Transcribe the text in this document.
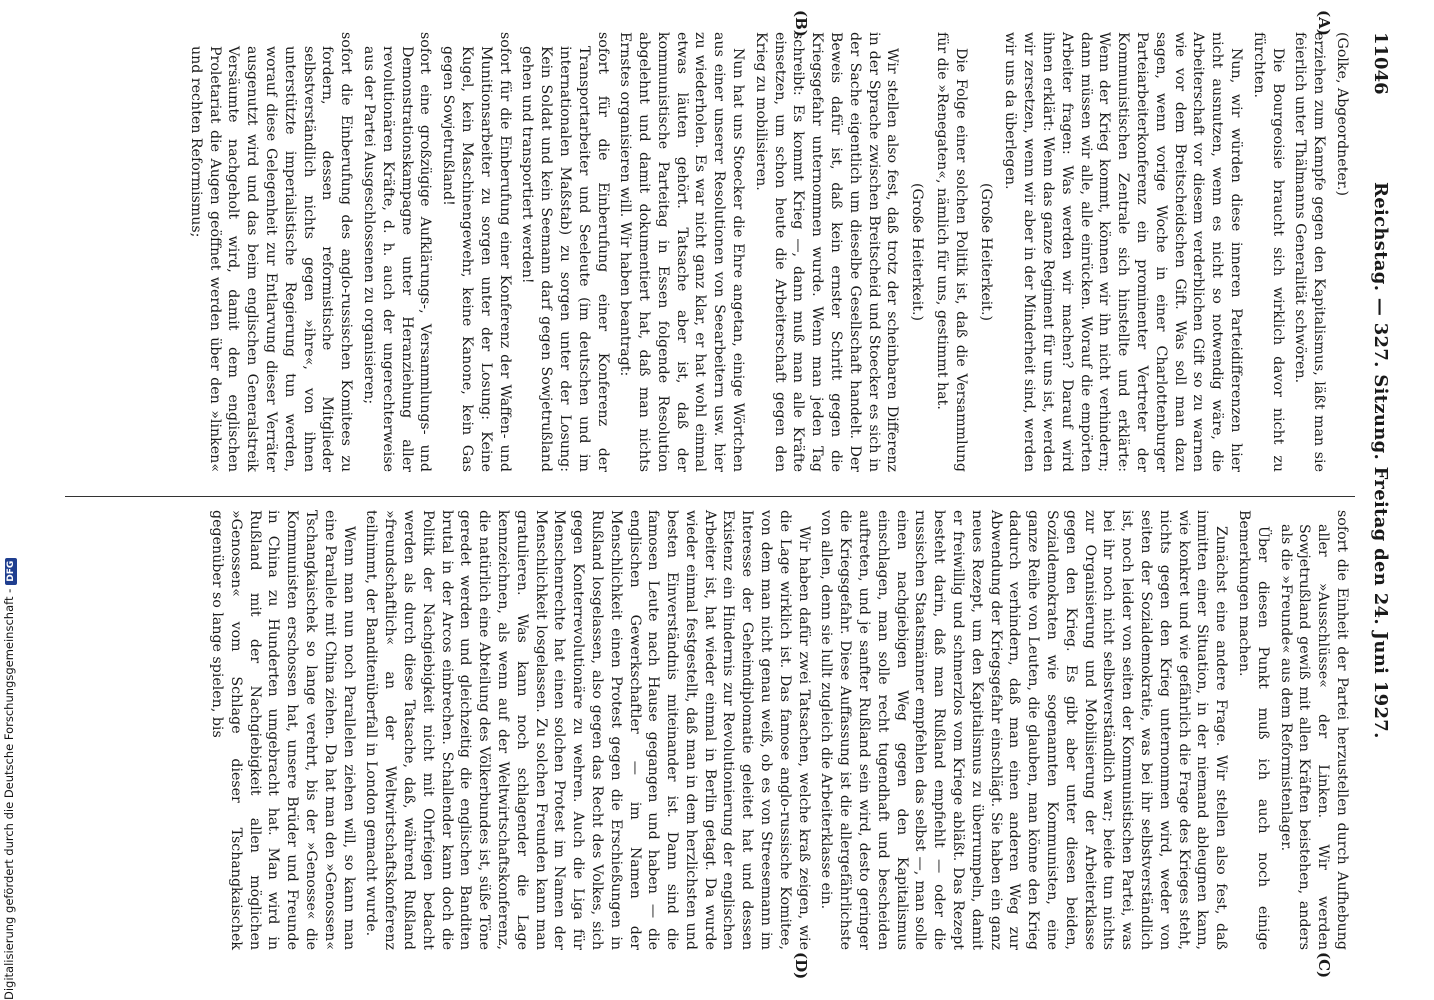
11046
Reichstag. — 327. Sitzung. Freitag den 24. Juni 1927.
(A)
(B)
(C)
(D)

(Golke, Abgeordneter.)

erziehen zum Kampfe gegen den Kapitalismus, läßt man sie feierlich unter Thälmanns Generalität schwören.

Die Bourgeoisie braucht sich wirklich davor nicht zu fürchten.

Nun, wir würden diese inneren Parteidifferenzen hier nicht ausnutzen, wenn es nicht so notwendig wäre, die Arbeiterschaft vor diesem verderblichen Gift so zu warnen wie vor dem Breitscheidschen Gift. Was soll man dazu sagen, wenn vorige Woche in einer Charlottenburger Parteiarbeiterkonferenz ein prominenter Vertreter der Kommunistischen Zentrale sich hinstellte und erklärte: Wenn der Krieg kommt, können wir ihn nicht verhindern; dann müssen wir alle, alle einrücken. Worauf die empörten Arbeiter fragen: Was werden wir machen? Darauf wird ihnen erklärt: Wenn das ganze Regiment für uns ist, werden wir zersetzen, wenn wir aber in der Minderheit sind, werden wir uns da überlegen.

(Große Heiterkeit.)

Die Folge einer solchen Politik ist, daß die Versammlung für die »Renegaten«, nämlich für uns, gestimmt hat.

(Große Heiterkeit.)

Wir stellen also fest, daß trotz der scheinbaren Differenz in der Sprache zwischen Breitscheid und Stoecker es sich in der Sache eigentlich um dieselbe Gesellschaft handelt. Der Beweis dafür ist, daß kein ernster Schritt gegen die Kriegsgefahr unternommen wurde. Wenn man jeden Tag schreibt: Es kommt Krieg —, dann muß man alle Kräfte einsetzen, um schon heute die Arbeiterschaft gegen den Krieg zu mobilisieren.

Nun hat uns Stoecker die Ehre angetan, einige Wörtchen aus einer unserer Resolutionen von Seearbeitern usw. hier zu wiederholen. Es war nicht ganz klar, er hat wohl einmal etwas läuten gehört. Tatsache aber ist, daß der kommunistische Parteitag in Essen folgende Resolution abgelehnt und damit dokumentiert hat, daß man nichts Ernstes organisieren will. Wir haben beantragt:

sofort für die Einberufung einer Konferenz der Transportarbeiter und Seeleute (im deutschen und im internationalen Maßstab) zu sorgen unter der Losung: Kein Soldat und kein Seemann darf gegen Sowjetrußland gehen und transportiert werden!

sofort für die Einberufung einer Konferenz der Waffen- und Munitionsarbeiter zu sorgen unter der Losung: Keine Kugel, kein Maschinengewehr, keine Kanone, kein Gas gegen Sowjetrußland!

sofort eine großzügige Aufklärungs-, Versammlungs- und Demonstrationskampagne unter Heranziehung aller revolutionären Kräfte, d. h. auch der ungerechterweise aus der Partei Ausgeschlossenen zu organisieren;

sofort die Einberufung des anglo-russischen Komitees zu fordern, dessen reformistische Mitglieder selbstverständlich nichts gegen »ihre«, von ihnen unterstützte imperialistische Regierung tun werden, worauf diese Gelegenheit zur Entlarvung dieser Verräter ausgenutzt wird und das beim englischen Generalstreik Versäumte nachgeholt wird, damit dem englischen Proletariat die Augen geöffnet werden über den »linken« und rechten Reformismus;

sofort die Einheit der Partei herzustellen durch Aufhebung aller »Ausschlüsse« der Linken. Wir werden Sowjetrußland gewiß mit allen Kräften beistehen, anders als die »Freunde« aus dem Reformistenlager.

Über diesen Punkt muß ich auch noch einige Bemerkungen machen.

Zunächst eine andere Frage. Wir stellen also fest, daß inmitten einer Situation, in der niemand ableugnen kann, wie konkret und wie gefährlich die Frage des Krieges steht, nichts gegen den Krieg unternommen wird, weder von seiten der Sozialdemokratie, was bei ihr selbstverständlich ist, noch leider von seiten der Kommunistischen Partei, was bei ihr noch nicht selbstverständlich war; beide tun nichts zur Organisierung und Mobilisierung der Arbeiterklasse gegen den Krieg. Es gibt aber unter diesen beiden, Sozialdemokraten wie sogenannten Kommunisten, eine ganze Reihe von Leuten, die glauben, man könne den Krieg dadurch verhindern, daß man einen anderen Weg zur Abwendung der Kriegsgefahr einschlägt. Sie haben ein ganz neues Rezept, um den Kapitalismus zu überrumpeln, damit er freiwillig und schmerzlos vom Kriege abläßt. Das Rezept besteht darin, daß man Rußland empfiehlt — oder die russischen Staatsmänner empfehlen das selbst —, man solle einen nachgiebigen Weg gegen den Kapitalismus einschlagen, man solle recht tugendhaft und bescheiden auftreten, und je sanfter Rußland sein wird, desto geringer die Kriegsgefahr. Diese Auffassung ist die allergefährlichste von allen, denn sie lullt zugleich die Arbeiterklasse ein.

Wir haben dafür zwei Tatsachen, welche kraß zeigen, wie die Lage wirklich ist. Das famose anglo-russische Komitee, von dem man nicht genau weiß, ob es von Streesemann im Interesse der Geheimdiplomatie geleitet hat und dessen Existenz ein Hindernis zur Revolutionierung der englischen Arbeiter ist, hat wieder einmal in Berlin getagt. Da wurde wieder einmal festgestellt, daß man in dem herzlichsten und besten Einverständnis miteinander ist. Dann sind die famosen Leute nach Hause gegangen und haben — die englischen Gewerkschaftler — im Namen der Menschlichkeit einen Protest gegen die Erschießungen in Rußland losgelassen, also gegen das Recht des Volkes, sich gegen Konterrevolutionäre zu wehren. Auch die Liga für Menschenrechte hat einen solchen Protest im Namen der Menschlichkeit losgelassen. Zu solchen Freunden kann man gratulieren. Was kann noch schlagender die Lage kennzeichnen, als wenn auf der Weltwirtschaftskonferenz, die natürlich eine Abteilung des Völkerbundes ist, süße Töne geredet werden und gleichzeitig die englischen Banditen brutal in der Arcos einbrechen. Schallender kann doch die Politik der Nachgiebigkeit nicht mit Ohrfeigen bedacht werden als durch diese Tatsache, daß, während Rußland »freundschaftlich« an der Weltwirtschaftskonferenz teilnimmt, der Banditenüberfall in London gemacht wurde.

Wenn man nun noch Parallelen ziehen will, so kann man eine Parallele mit China ziehen. Da hat man den »Genossen« Tschangkaischek so lange verehrt, bis der »Genosse« die Kommunisten erschossen hat, unsere Brüder und Freunde in China zu Hunderten umgebracht hat. Man wird in Rußland mit der Nachgiebigkeit allen möglichen »Genossen« vom Schlage dieser Tschangkaischek gegenüber so lange spielen, bis

Digitalisierung gefördert durch die Deutsche Forschungsgemeinschaft -DFG
